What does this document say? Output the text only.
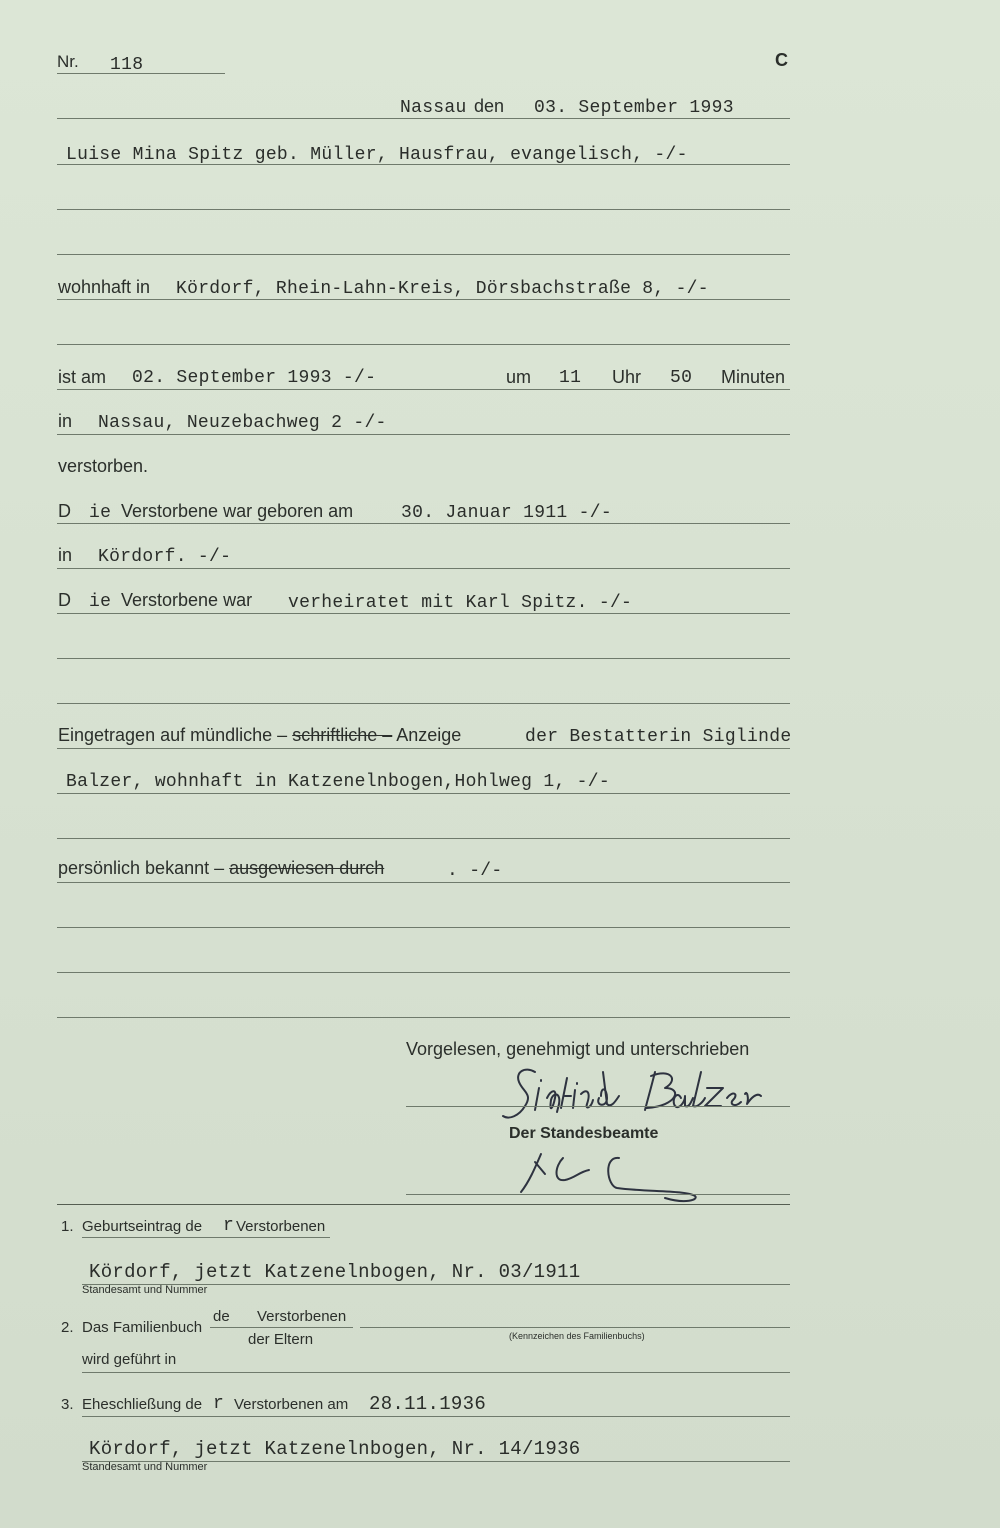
Nr. 118	C
Nassau den 03. September 1993
Luise Mina Spitz geb. Müller, Hausfrau, evangelisch, -/-
wohnhaft in Kördorf, Rhein-Lahn-Kreis, Dörsbachstraße 8, -/-
ist am 02. September 1993 -/-	um 11 Uhr 50 Minuten
in Nassau, Neuzebachweg 2 -/-
verstorben.
D ie Verstorbene war geboren am	30. Januar 1911 -/-
in Kördorf. -/-
D ie Verstorbene war verheiratet mit Karl Spitz. -/-
Eingetragen auf mündliche – schriftliche – Anzeige	der Bestatterin Siglinde
Balzer, wohnhaft in Katzenelnbogen,Hohlweg 1, -/-
persönlich bekannt – ausgewiesen durch	. -/-
Vorgelesen, genehmigt und unterschrieben
Der Standesbeamte
1. Geburtseintrag de r Verstorbenen
Kördorf, jetzt Katzenelnbogen, Nr. 03/1911
Standesamt und Nummer
2. Das Familienbuch
de Verstorbenen
der Eltern	(Kennzeichen des Familienbuchs)
wird geführt in
3. Eheschließung de r Verstorbenen am 28.11.1936
Kördorf, jetzt Katzenelnbogen, Nr. 14/1936
Standesamt und Nummer
